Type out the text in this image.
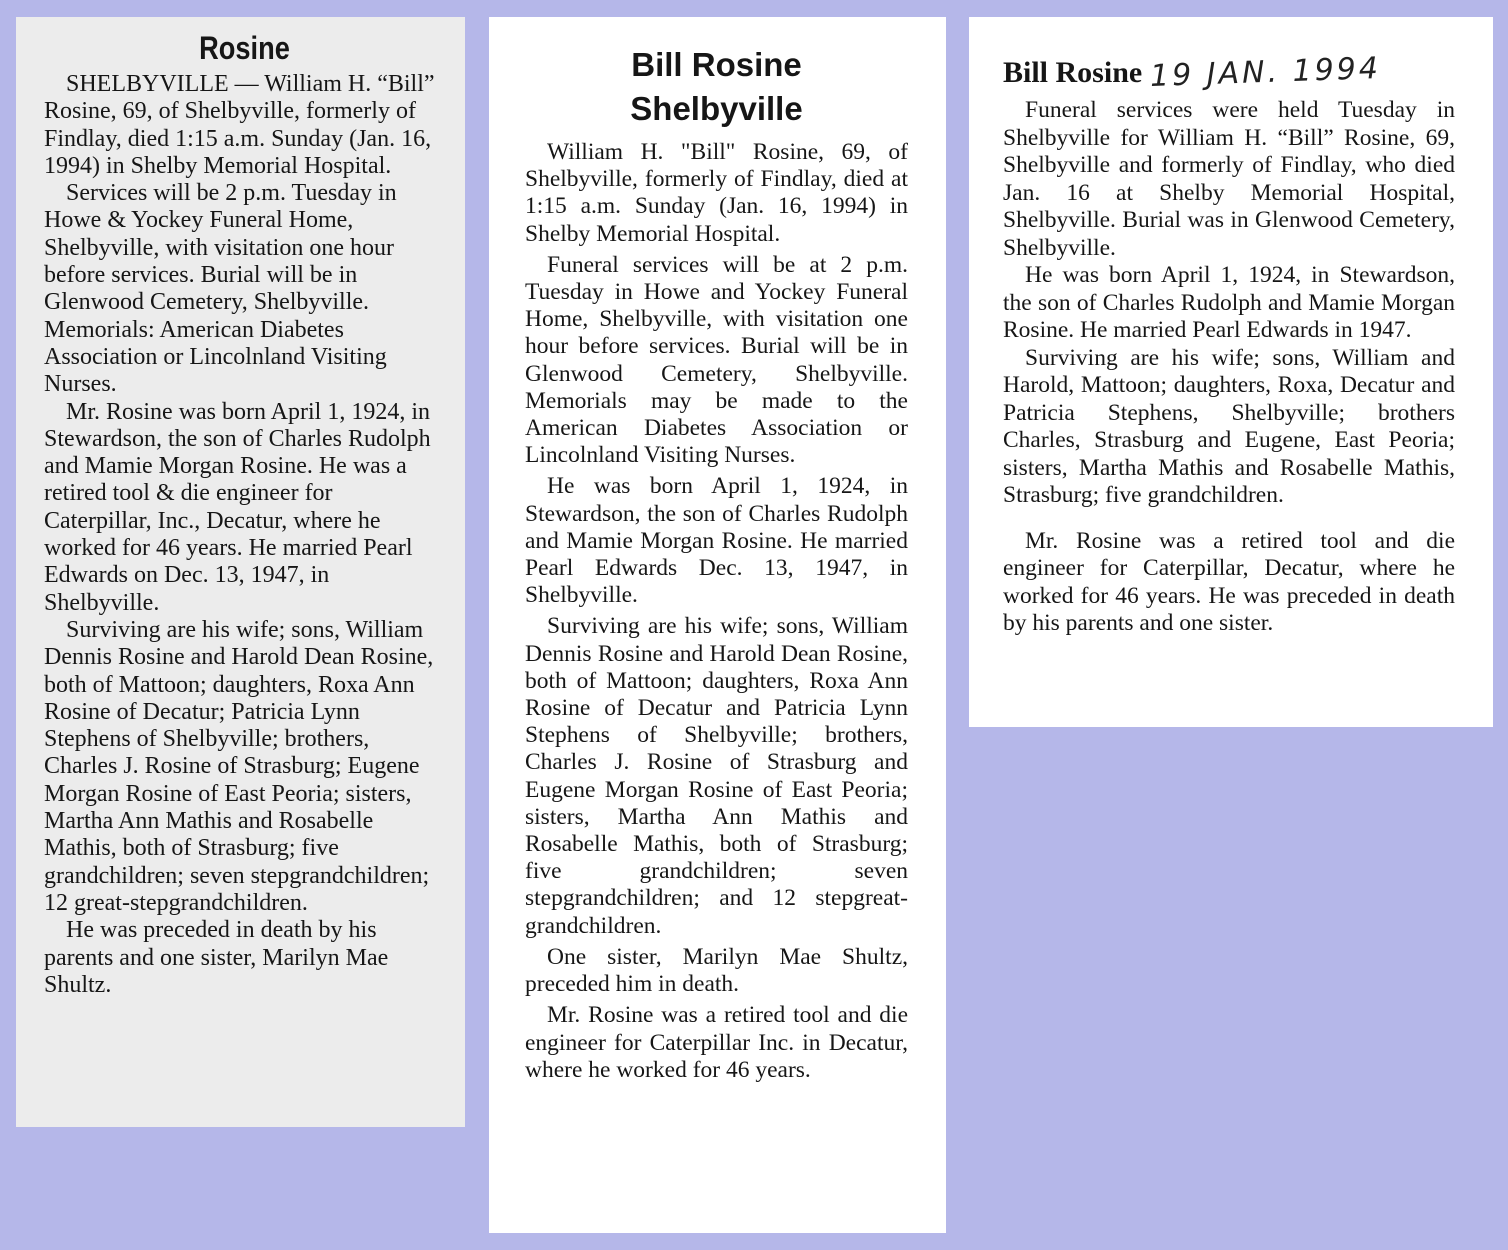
Rosine

SHELBYVILLE — William H. “Bill” Rosine, 69, of Shelbyville, formerly of Findlay, died 1:15 a.m. Sunday (Jan. 16, 1994) in Shelby Memorial Hospital.

Services will be 2 p.m. Tuesday in Howe & Yockey Funeral Home, Shelbyville, with visitation one hour before services. Burial will be in Glenwood Cemetery, Shelbyville. Memorials: American Diabetes Association or Lincolnland Visiting Nurses.

Mr. Rosine was born April 1, 1924, in Stewardson, the son of Charles Rudolph and Mamie Morgan Rosine. He was a retired tool & die engineer for Caterpillar, Inc., Decatur, where he worked for 46 years. He married Pearl Edwards on Dec. 13, 1947, in Shelbyville.

Surviving are his wife; sons, William Dennis Rosine and Harold Dean Rosine, both of Mattoon; daughters, Roxa Ann Rosine of Decatur; Patricia Lynn Stephens of Shelbyville; brothers, Charles J. Rosine of Strasburg; Eugene Morgan Rosine of East Peoria; sisters, Martha Ann Mathis and Rosabelle Mathis, both of Strasburg; five grandchildren; seven stepgrandchildren; 12 great-stepgrandchildren.

He was preceded in death by his parents and one sister, Marilyn Mae Shultz.

Bill Rosine
Shelbyville

William H. "Bill" Rosine, 69, of Shelbyville, formerly of Findlay, died at 1:15 a.m. Sunday (Jan. 16, 1994) in Shelby Memorial Hospital.

Funeral services will be at 2 p.m. Tuesday in Howe and Yockey Funeral Home, Shelbyville, with visitation one hour before services. Burial will be in Glenwood Cemetery, Shelbyville. Memorials may be made to the American Diabetes Association or Lincolnland Visiting Nurses.

He was born April 1, 1924, in Stewardson, the son of Charles Rudolph and Mamie Morgan Rosine. He married Pearl Edwards Dec. 13, 1947, in Shelbyville.

Surviving are his wife; sons, William Dennis Rosine and Harold Dean Rosine, both of Mattoon; daughters, Roxa Ann Rosine of Decatur and Patricia Lynn Stephens of Shelbyville; brothers, Charles J. Rosine of Strasburg and Eugene Morgan Rosine of East Peoria; sisters, Martha Ann Mathis and Rosabelle Mathis, both of Strasburg; five grandchildren; seven stepgrandchildren; and 12 stepgreat-grandchildren.

One sister, Marilyn Mae Shultz, preceded him in death.

Mr. Rosine was a retired tool and die engineer for Caterpillar Inc. in Decatur, where he worked for 46 years.

Bill Rosine 19 JAN. 1994

Funeral services were held Tuesday in Shelbyville for William H. “Bill” Rosine, 69, Shelbyville and formerly of Findlay, who died Jan. 16 at Shelby Memorial Hospital, Shelbyville. Burial was in Glenwood Cemetery, Shelbyville.

He was born April 1, 1924, in Stewardson, the son of Charles Rudolph and Mamie Morgan Rosine. He married Pearl Edwards in 1947.

Surviving are his wife; sons, William and Harold, Mattoon; daughters, Roxa, Decatur and Patricia Stephens, Shelbyville; brothers Charles, Strasburg and Eugene, East Peoria; sisters, Martha Mathis and Rosabelle Mathis, Strasburg; five grandchildren.

Mr. Rosine was a retired tool and die engineer for Caterpillar, Decatur, where he worked for 46 years. He was preceded in death by his parents and one sister.
